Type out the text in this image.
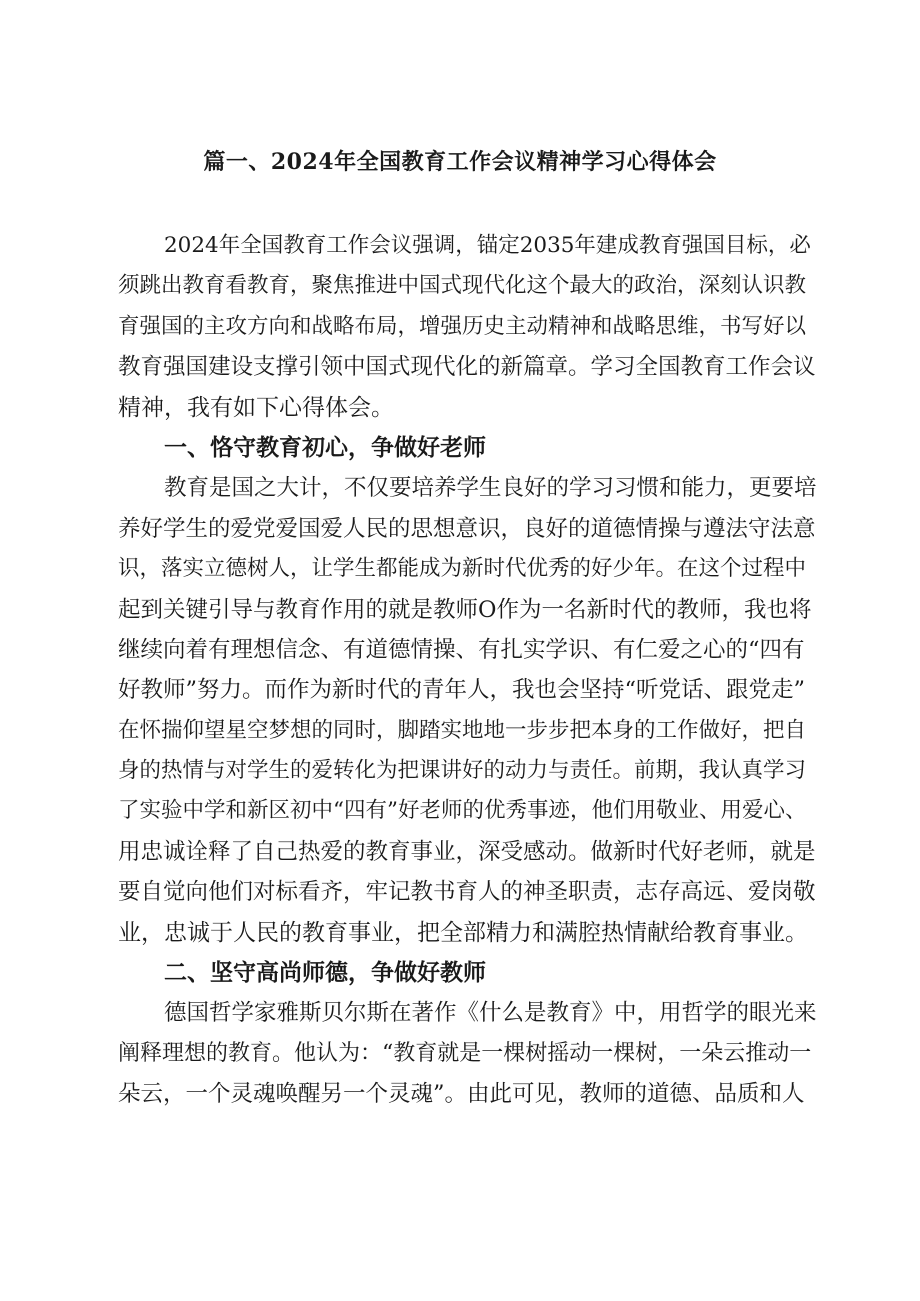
篇一、2024年全国教育工作会议精神学习心得体会
2024年全国教育工作会议强调，锚定2035年建成教育强国目标，必
须跳出教育看教育，聚焦推进中国式现代化这个最大的政治，深刻认识教
育强国的主攻方向和战略布局，增强历史主动精神和战略思维，书写好以
教育强国建设支撑引领中国式现代化的新篇章。学习全国教育工作会议
精神，我有如下心得体会。
一、恪守教育初心，争做好老师
教育是国之大计，不仅要培养学生良好的学习习惯和能力，更要培
养好学生的爱党爱国爱人民的思想意识，良好的道德情操与遵法守法意
识，落实立德树人，让学生都能成为新时代优秀的好少年。在这个过程中
起到关键引导与教育作用的就是教师O作为一名新时代的教师，我也将
继续向着有理想信念、有道德情操、有扎实学识、有仁爱之心的“四有
好教师”努力。而作为新时代的青年人，我也会坚持“听党话、跟党走”
在怀揣仰望星空梦想的同时，脚踏实地地一步步把本身的工作做好，把自
身的热情与对学生的爱转化为把课讲好的动力与责任。前期，我认真学习
了实验中学和新区初中“四有”好老师的优秀事迹，他们用敬业、用爱心、
用忠诚诠释了自己热爱的教育事业，深受感动。做新时代好老师，就是
要自觉向他们对标看齐，牢记教书育人的神圣职责，志存高远、爱岗敬
业，忠诚于人民的教育事业，把全部精力和满腔热情献给教育事业。
二、坚守高尚师德，争做好教师
德国哲学家雅斯贝尔斯在著作《什么是教育》中，用哲学的眼光来
阐释理想的教育。他认为：“教育就是一棵树摇动一棵树，一朵云推动一
朵云，一个灵魂唤醒另一个灵魂”。由此可见，教师的道德、品质和人
